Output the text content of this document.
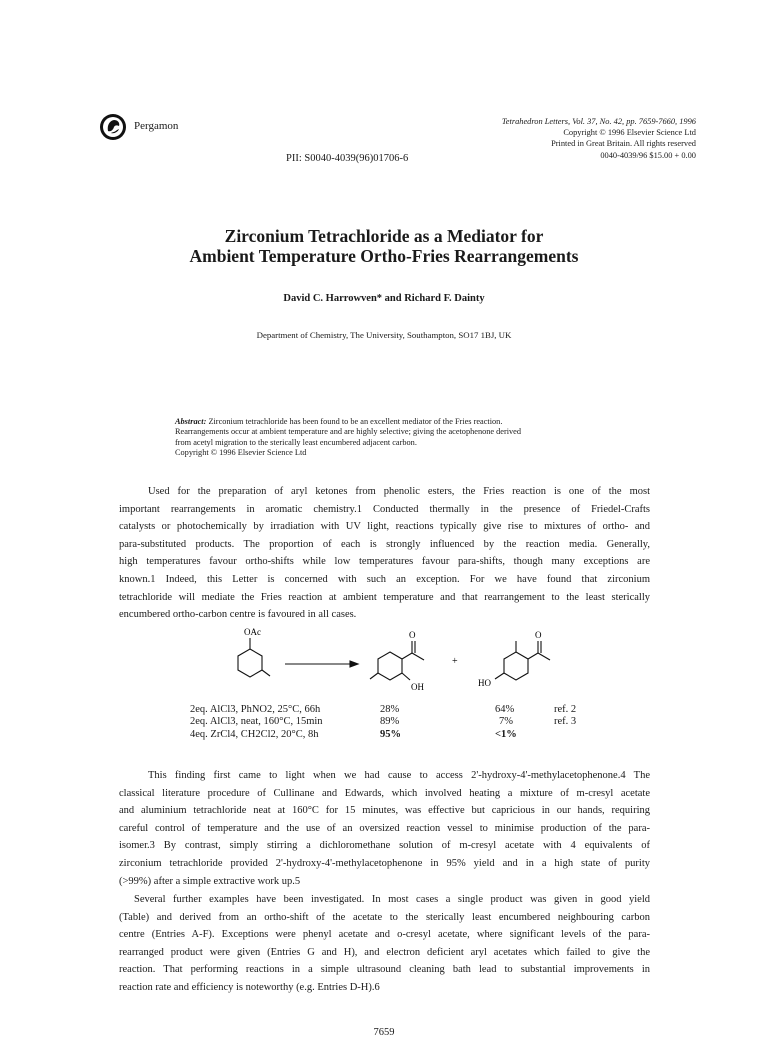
Pergamon	Tetrahedron Letters, Vol. 37, No. 42, pp. 7659-7660, 1996
Copyright © 1996 Elsevier Science Ltd
Printed in Great Britain. All rights reserved
0040-4039/96 $15.00 + 0.00
PII: S0040-4039(96)01706-6
Zirconium Tetrachloride as a Mediator for
Ambient Temperature Ortho-Fries Rearrangements
David C. Harrowven* and Richard F. Dainty
Department of Chemistry, The University, Southampton, SO17 1BJ, UK
Abstract: Zirconium tetrachloride has been found to be an excellent mediator of the Fries reaction.
Rearrangements occur at ambient temperature and are highly selective; giving the acetophenone derived
from acetyl migration to the sterically least encumbered adjacent carbon.
Copyright © 1996 Elsevier Science Ltd
Used for the preparation of aryl ketones from phenolic esters, the Fries reaction is one of the most
important rearrangements in aromatic chemistry.1 Conducted thermally in the presence of Friedel-Crafts
catalysts or photochemically by irradiation with UV light, reactions typically give rise to mixtures of ortho- and
para-substituted products. The proportion of each is strongly influenced by the reaction media. Generally,
high temperatures favour ortho-shifts while low temperatures favour para-shifts, though many exceptions are
known.1 Indeed, this Letter is concerned with such an exception. For we have found that zirconium
tetrachloride will mediate the Fries reaction at ambient temperature and that rearrangement to the least sterically
encumbered ortho-carbon centre is favoured in all cases.
OAc	O
OH
+
O
HO
2eq. AlCl3, PhNO2, 25°C, 66h	28%	64%	ref. 2
2eq. AlCl3, neat, 160°C, 15min	89%	7%	ref. 3
4eq. ZrCl4, CH2Cl2, 20°C, 8h	95%	<1%
This finding first came to light when we had cause to access 2'-hydroxy-4'-methylacetophenone.4 The
classical literature procedure of Cullinane and Edwards, which involved heating a mixture of m-cresyl acetate
and aluminium tetrachloride neat at 160°C for 15 minutes, was effective but capricious in our hands, requiring
careful control of temperature and the use of an oversized reaction vessel to minimise production of the para-
isomer.3 By contrast, simply stirring a dichloromethane solution of m-cresyl acetate with 4 equivalents of
zirconium tetrachloride provided 2'-hydroxy-4'-methylacetophenone in 95% yield and in a high state of purity
(>99%) after a simple extractive work up.5
Several further examples have been investigated. In most cases a single product was given in good yield
(Table) and derived from an ortho-shift of the acetate to the sterically least encumbered neighbouring carbon
centre (Entries A-F). Exceptions were phenyl acetate and o-cresyl acetate, where significant levels of the para-
rearranged product were given (Entries G and H), and electron deficient aryl acetates which failed to give the
reaction. That performing reactions in a simple ultrasound cleaning bath lead to substantial improvements in
reaction rate and efficiency is noteworthy (e.g. Entries D-H).6
7659
